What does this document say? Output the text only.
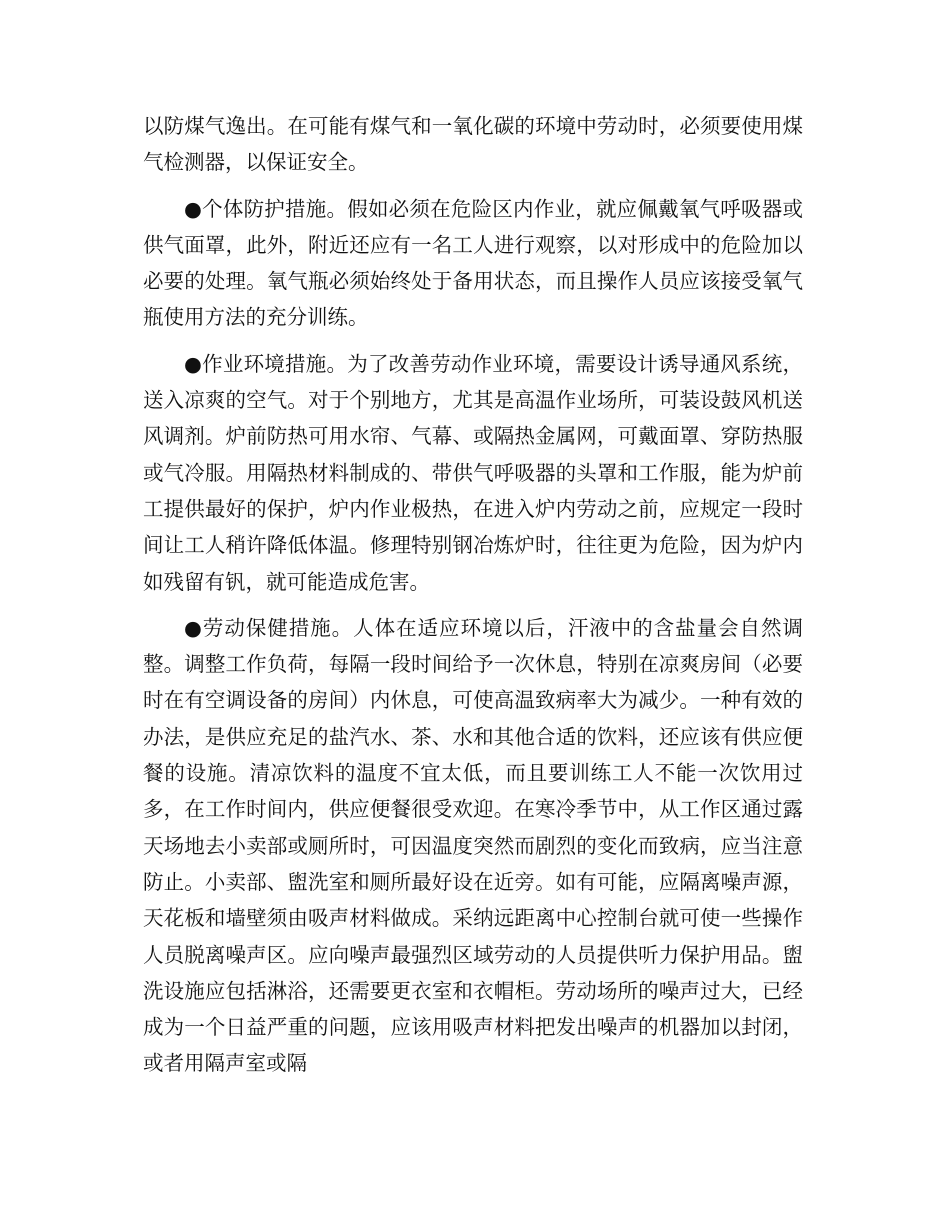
以防煤气逸出。在可能有煤气和一氧化碳的环境中劳动时，必须要使用煤气检测器，以保证安全。

●个体防护措施。假如必须在危险区内作业，就应佩戴氧气呼吸器或供气面罩，此外，附近还应有一名工人进行观察，以对形成中的危险加以必要的处理。氧气瓶必须始终处于备用状态，而且操作人员应该接受氧气瓶使用方法的充分训练。

●作业环境措施。为了改善劳动作业环境，需要设计诱导通风系统，送入凉爽的空气。对于个别地方，尤其是高温作业场所，可装设鼓风机送风调剂。炉前防热可用水帘、气幕、或隔热金属网，可戴面罩、穿防热服或气冷服。用隔热材料制成的、带供气呼吸器的头罩和工作服，能为炉前工提供最好的保护，炉内作业极热，在进入炉内劳动之前，应规定一段时间让工人稍许降低体温。修理特别钢冶炼炉时，往往更为危险，因为炉内如残留有钒，就可能造成危害。

●劳动保健措施。人体在适应环境以后，汗液中的含盐量会自然调整。调整工作负荷，每隔一段时间给予一次休息，特别在凉爽房间（必要时在有空调设备的房间）内休息，可使高温致病率大为减少。一种有效的办法，是供应充足的盐汽水、茶、水和其他合适的饮料，还应该有供应便餐的设施。清凉饮料的温度不宜太低，而且要训练工人不能一次饮用过多，在工作时间内，供应便餐很受欢迎。在寒冷季节中，从工作区通过露天场地去小卖部或厕所时，可因温度突然而剧烈的变化而致病，应当注意防止。小卖部、盥洗室和厕所最好设在近旁。如有可能，应隔离噪声源，天花板和墙壁须由吸声材料做成。采纳远距离中心控制台就可使一些操作人员脱离噪声区。应向噪声最强烈区域劳动的人员提供听力保护用品。盥洗设施应包括淋浴，还需要更衣室和衣帽柜。劳动场所的噪声过大，已经成为一个日益严重的问题，应该用吸声材料把发出噪声的机器加以封闭，或者用隔声室或隔
